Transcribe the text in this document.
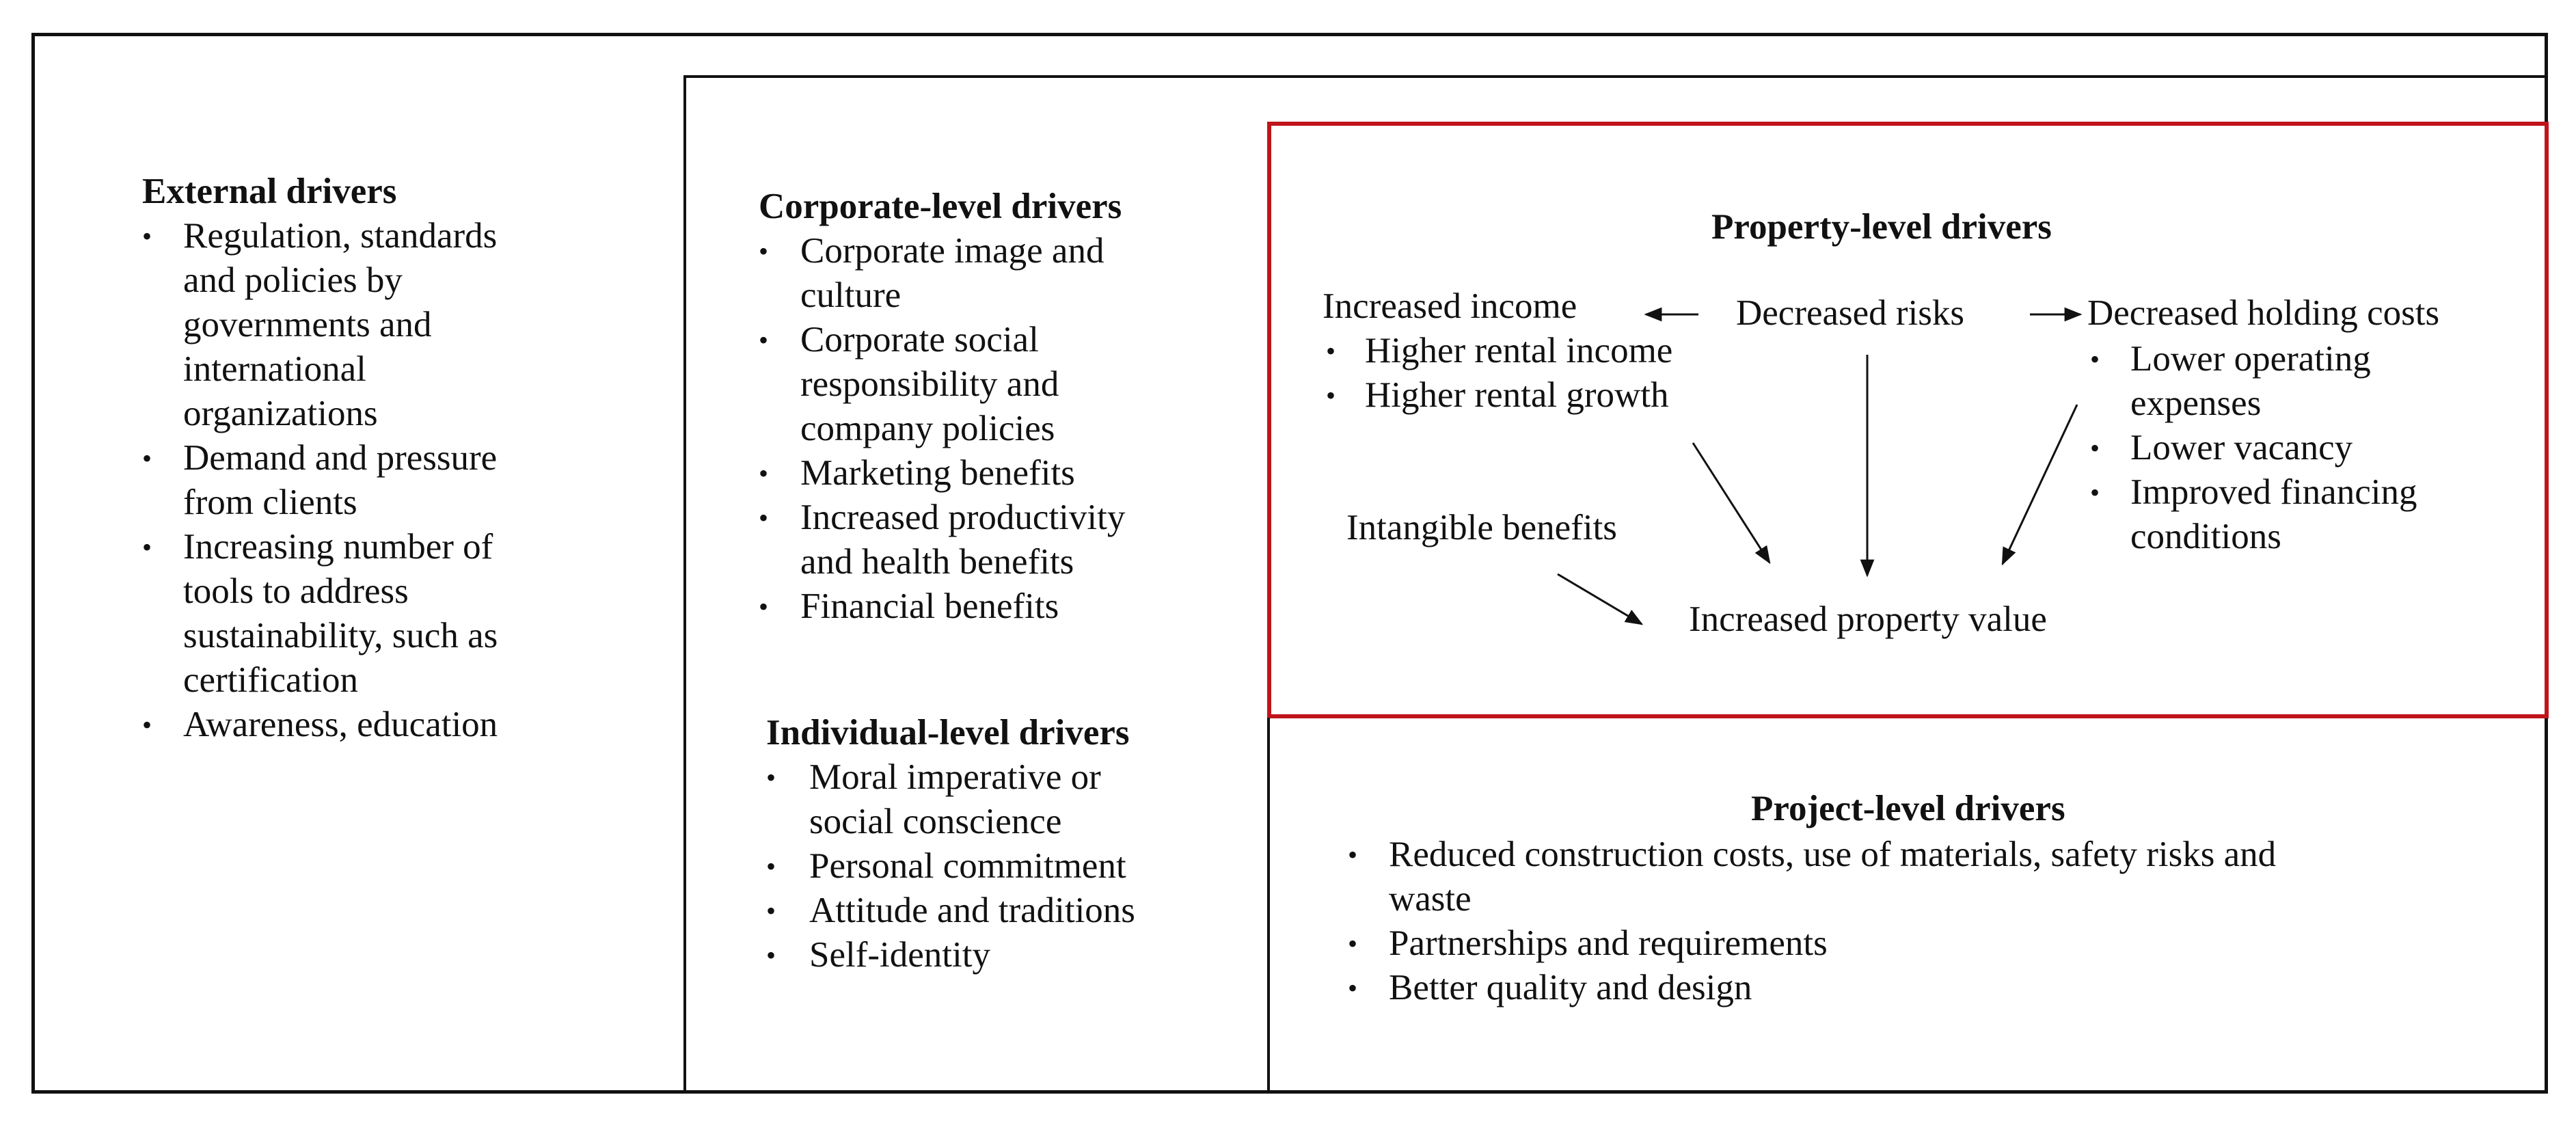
External drivers
• Regulation, standards
and policies by
governments and
international
organizations
• Demand and pressure
from clients
• Increasing number of
tools to address
sustainability, such as
certification
• Awareness, education
Corporate-level drivers
• Corporate image and
culture
• Corporate social
responsibility and
company policies
• Marketing benefits
• Increased productivity
and health benefits
• Financial benefits
Individual-level drivers
• Moral imperative or
social conscience
• Personal commitment
• Attitude and traditions
• Self-identity
Property-level drivers
Increased income
• Higher rental income
• Higher rental growth
Decreased risks	Decreased holding costs
• Lower operating
expenses
• Lower vacancy
• Improved financing
conditions
Intangible benefits
Increased property value
Project-level drivers
• Reduced construction costs, use of materials, safety risks and
waste
• Partnerships and requirements
• Better quality and design
